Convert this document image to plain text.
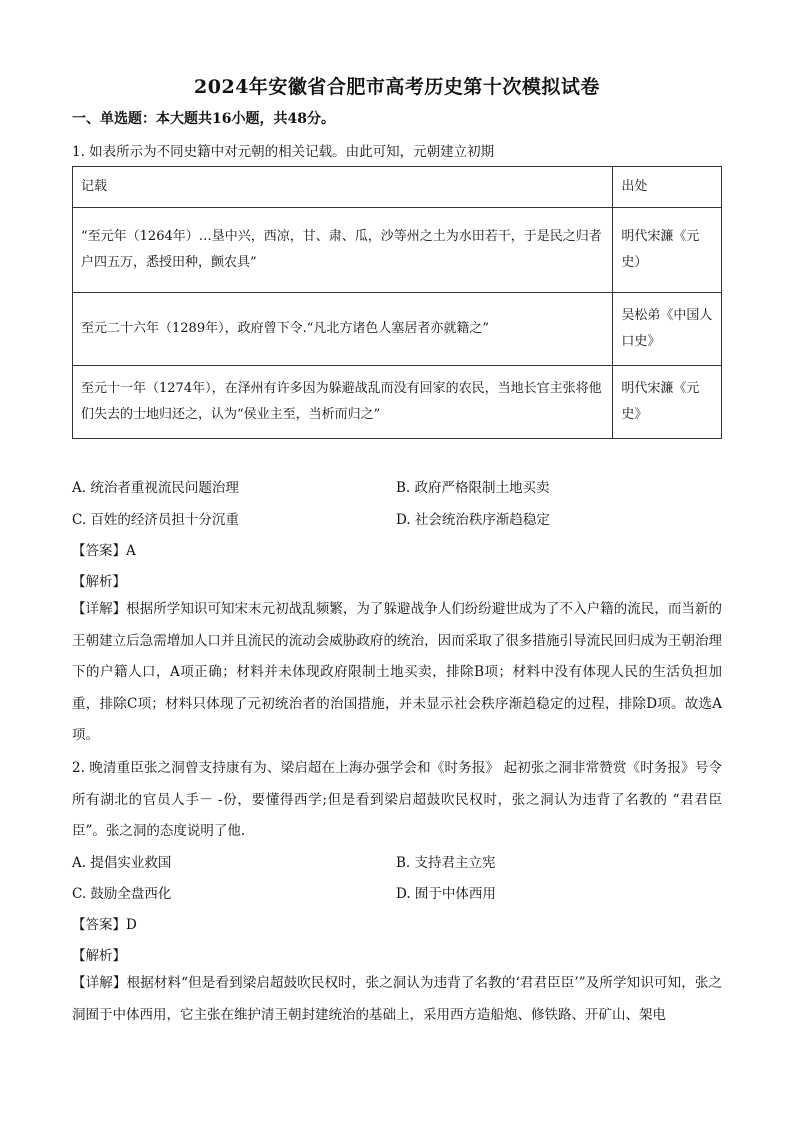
2024年安徽省合肥市高考历史第十次模拟试卷
一、单选题：本大题共16小题，共48分。
1. 如表所示为不同史籍中对元朝的相关记载。由此可知，元朝建立初期
记载	出处
“至元年（1264年）…垦中兴，西凉，甘、肃、瓜，沙等州之土为水田若干，于是民之归者户四五万，悉授田种，颤农具”	明代宋濂《元史）
至元二十六年（1289年），政府曾下令.“凡北方诸色人塞居者亦就籍之”	吴松弟《中国人口史》
至元十一年（1274年），在泽州有许多因为躲避战乱而没有回家的农民，当地长官主张将他们失去的士地归还之，认为“侯业主至，当析而归之”	明代宋濂《元史》
A. 统治者重视流民问题治理	B. 政府严格限制土地买卖
C. 百姓的经济员担十分沉重	D. 社会统治秩序渐趋稳定
【答案】A
【解析】
【详解】根据所学知识可知宋末元初战乱频繁，为了躲避战争人们纷纷避世成为了不入户籍的流民，而当新的王朝建立后急需增加人口并且流民的流动会威胁政府的统治，因而采取了很多措施引导流民回归成为王朝治理下的户籍人口，A项正确；材料并未体现政府限制土地买卖，排除B项；材料中没有体现人民的生活负担加重，排除C项；材料只体现了元初统治者的治国措施，并未显示社会秩序渐趋稳定的过程，排除D项。故选A项。
2. 晚清重臣张之洞曾支持康有为、梁启超在上海办强学会和《时务报》 起初张之洞非常赞赏《时务报》号令所有湖北的官员人手－ -份，要懂得西学;但是看到梁启超鼓吹民权时，张之洞认为违背了名教的 “君君臣臣”。张之洞的态度说明了他.
A. 提倡实业救国	B. 支持君主立宪
C. 鼓励全盘西化	D. 囿于中体西用
【答案】D
【解析】
【详解】根据材料“但是看到梁启超鼓吹民权时，张之洞认为违背了名教的‘君君臣臣’”及所学知识可知，张之洞囿于中体西用，它主张在维护清王朝封建统治的基础上，采用西方造船炮、修铁路、开矿山、架电
